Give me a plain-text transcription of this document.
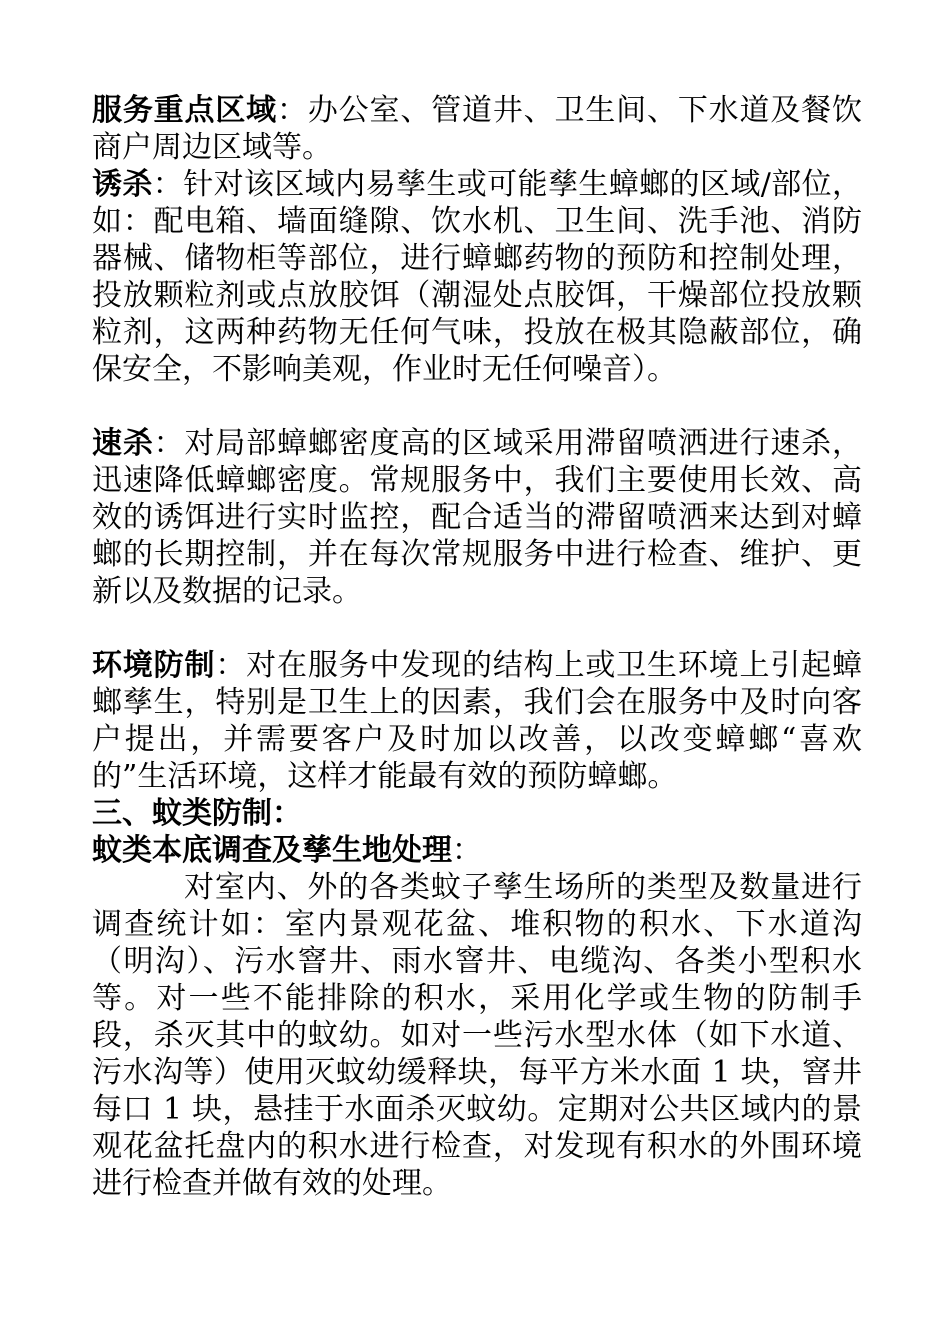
服务重点区域：办公室、管道井、卫生间、下水道及餐饮商户周边区域等。

诱杀：针对该区域内易孳生或可能孳生蟑螂的区域/部位，如：配电箱、墙面缝隙、饮水机、卫生间、洗手池、消防器械、储物柜等部位，进行蟑螂药物的预防和控制处理，投放颗粒剂或点放胶饵（潮湿处点胶饵，干燥部位投放颗粒剂，这两种药物无任何气味，投放在极其隐蔽部位，确保安全，不影响美观，作业时无任何噪音）。

速杀：对局部蟑螂密度高的区域采用滞留喷洒进行速杀，迅速降低蟑螂密度。常规服务中，我们主要使用长效、高效的诱饵进行实时监控，配合适当的滞留喷洒来达到对蟑螂的长期控制，并在每次常规服务中进行检查、维护、更新以及数据的记录。

环境防制：对在服务中发现的结构上或卫生环境上引起蟑螂孳生，特别是卫生上的因素，我们会在服务中及时向客户提出，并需要客户及时加以改善，以改变蟑螂“喜欢的”生活环境，这样才能最有效的预防蟑螂。

三、蚊类防制：

蚊类本底调查及孳生地处理：

对室内、外的各类蚊子孳生场所的类型及数量进行调查统计如：室内景观花盆、堆积物的积水、下水道沟（明沟）、污水窨井、雨水窨井、电缆沟、各类小型积水等。对一些不能排除的积水，采用化学或生物的防制手段，杀灭其中的蚊幼。如对一些污水型水体（如下水道、污水沟等）使用灭蚊幼缓释块，每平方米水面 1 块，窨井每口 1 块，悬挂于水面杀灭蚊幼。定期对公共区域内的景观花盆托盘内的积水进行检查，对发现有积水的外围环境进行检查并做有效的处理。
